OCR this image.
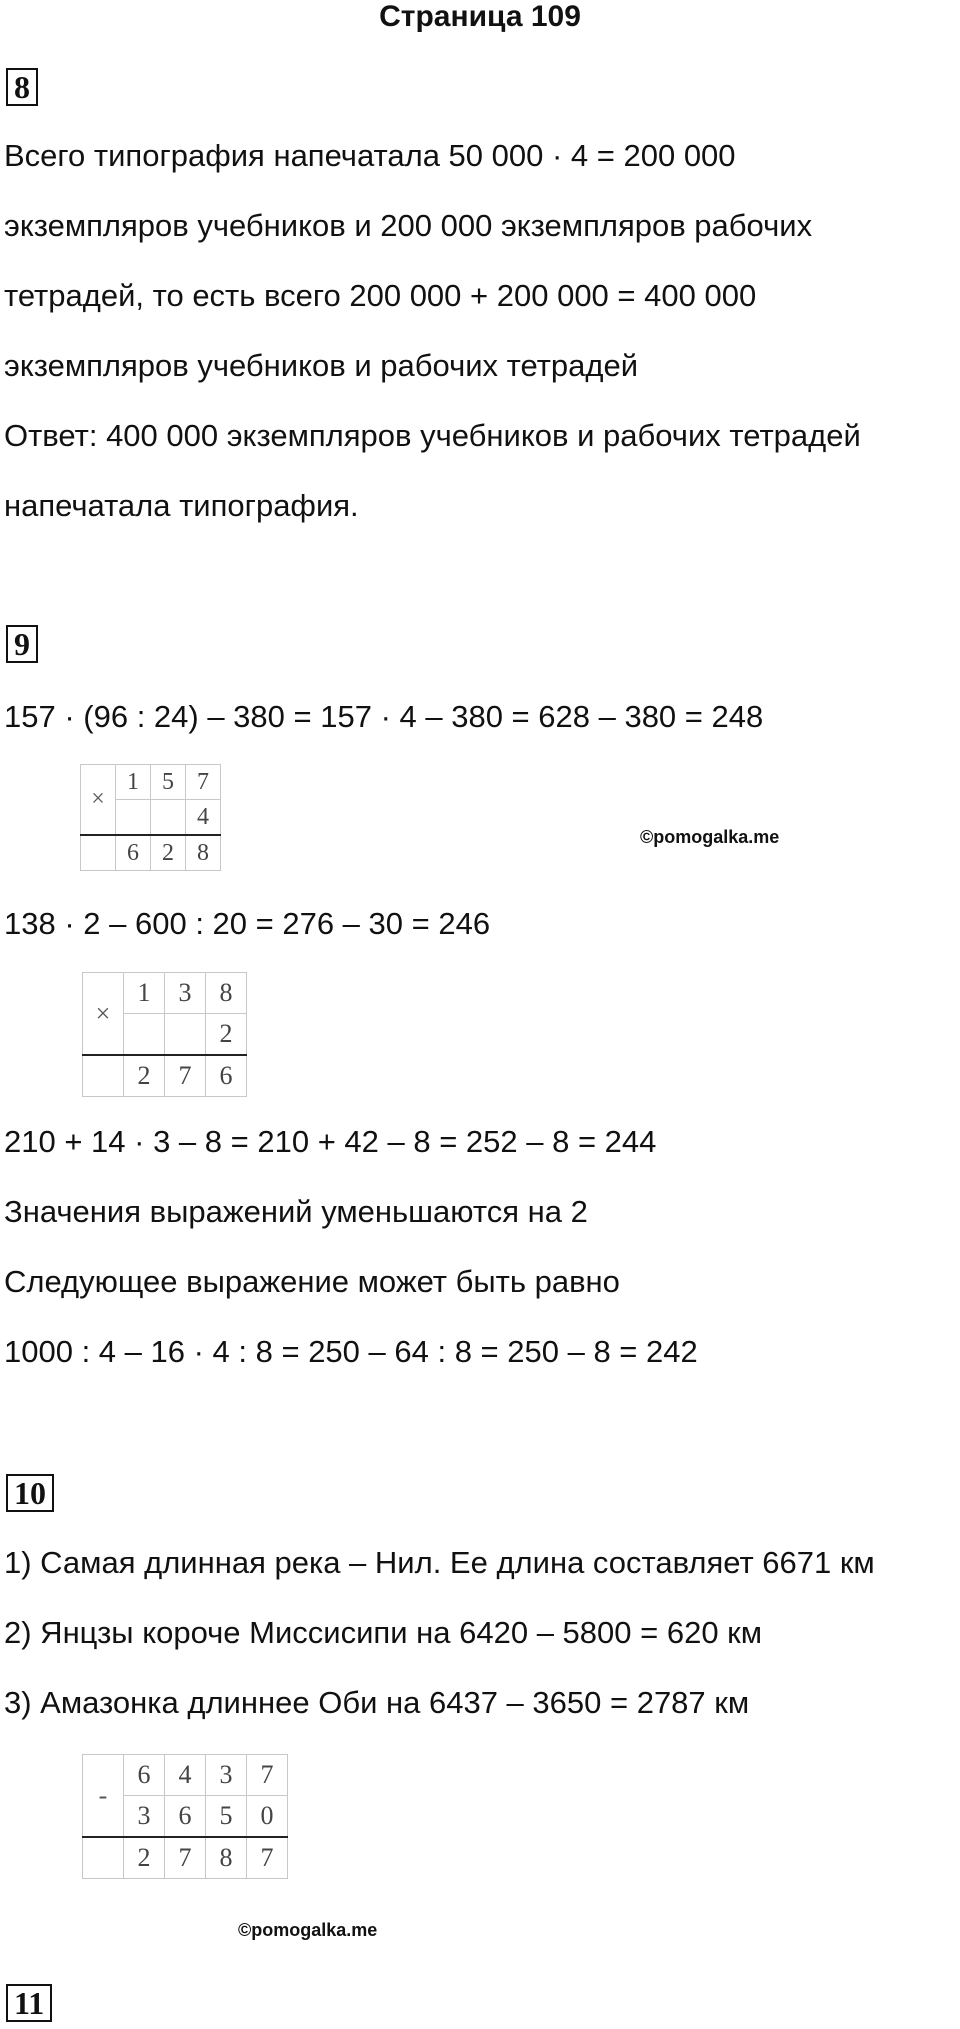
Страница 109
8
Всего типография напечатала 50 000 · 4 = 200 000
экземпляров учебников и 200 000 экземпляров рабочих
тетрадей, то есть всего 200 000 + 200 000 = 400 000
экземпляров учебников и рабочих тетрадей
Ответ: 400 000 экземпляров учебников и рабочих тетрадей
напечатала типография.
9
157 · (96 : 24) – 380 = 157 · 4 – 380 = 628 – 380 = 248
×	1	5	7
			4
	6	2	8
©pomogalka.me
138 · 2 – 600 : 20 = 276 – 30 = 246
×	1	3	8
			2
	2	7	6
210 + 14 · 3 – 8 = 210 + 42 – 8 = 252 – 8 = 244
Значения выражений уменьшаются на 2
Следующее выражение может быть равно
1000 : 4 – 16 · 4 : 8 = 250 – 64 : 8 = 250 – 8 = 242
10
1) Самая длинная река – Нил. Ее длина составляет 6671 км
2) Янцзы короче Миссисипи на 6420 – 5800 = 620 км
3) Амазонка длиннее Оби на 6437 – 3650 = 2787 км
-	6	4	3	7
	3	6	5	0
	2	7	8	7
©pomogalka.me
11
